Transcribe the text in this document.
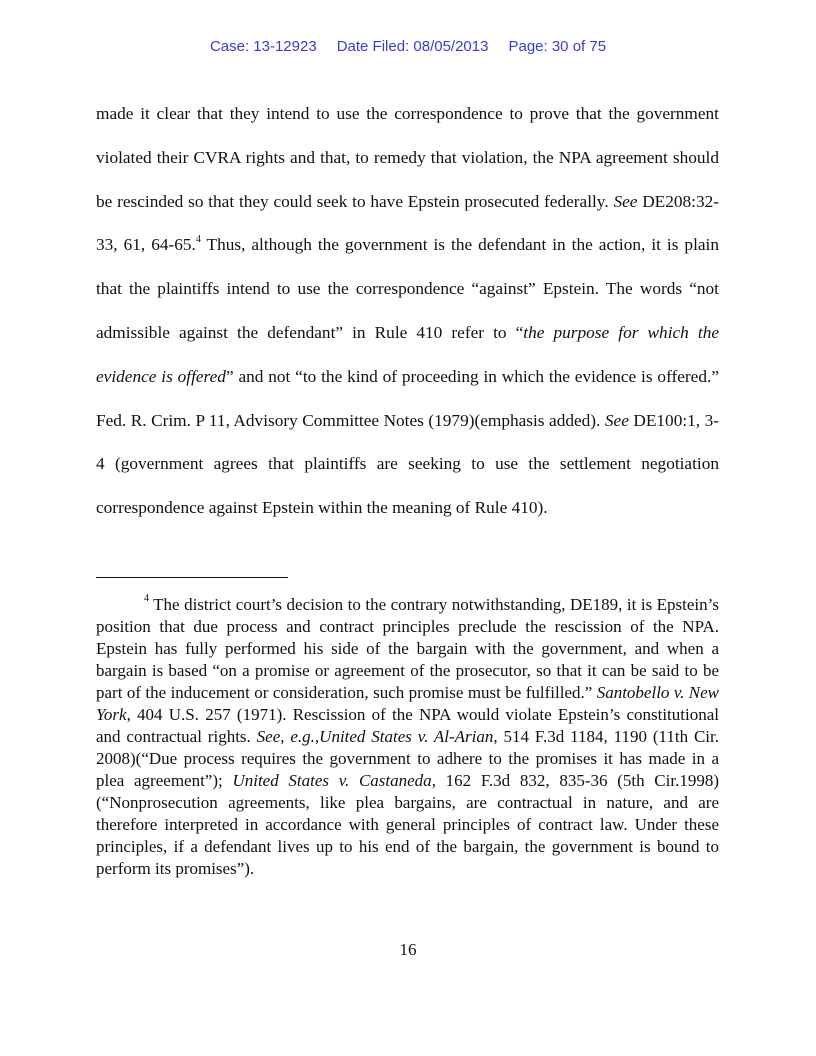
Case: 13-12923 Date Filed: 08/05/2013 Page: 30 of 75

made it clear that they intend to use the correspondence to prove that the government violated their CVRA rights and that, to remedy that violation, the NPA agreement should be rescinded so that they could seek to have Epstein prosecuted federally. See DE208:32-33, 61, 64-65.$^4$ Thus, although the government is the defendant in the action, it is plain that the plaintiffs intend to use the correspondence “against” Epstein. The words “not admissible against the defendant” in Rule 410 refer to “the purpose for which the evidence is offered” and not “to the kind of proceeding in which the evidence is offered.” Fed. R. Crim. P 11, Advisory Committee Notes (1979)(emphasis added). See DE100:1, 3-4 (government agrees that plaintiffs are seeking to use the settlement negotiation correspondence against Epstein within the meaning of Rule 410).

$^4$ The district court’s decision to the contrary notwithstanding, DE189, it is Epstein’s position that due process and contract principles preclude the rescission of the NPA. Epstein has fully performed his side of the bargain with the government, and when a bargain is based “on a promise or agreement of the prosecutor, so that it can be said to be part of the inducement or consideration, such promise must be fulfilled.” Santobello v. New York, 404 U.S. 257 (1971). Rescission of the NPA would violate Epstein’s constitutional and contractual rights. See, e.g.,United States v. Al-Arian, 514 F.3d 1184, 1190 (11th Cir. 2008)(“Due process requires the government to adhere to the promises it has made in a plea agreement”); United States v. Castaneda, 162 F.3d 832, 835-36 (5th Cir.1998)(“Nonprosecution agreements, like plea bargains, are contractual in nature, and are therefore interpreted in accordance with general principles of contract law. Under these principles, if a defendant lives up to his end of the bargain, the government is bound to perform its promises”).

16
